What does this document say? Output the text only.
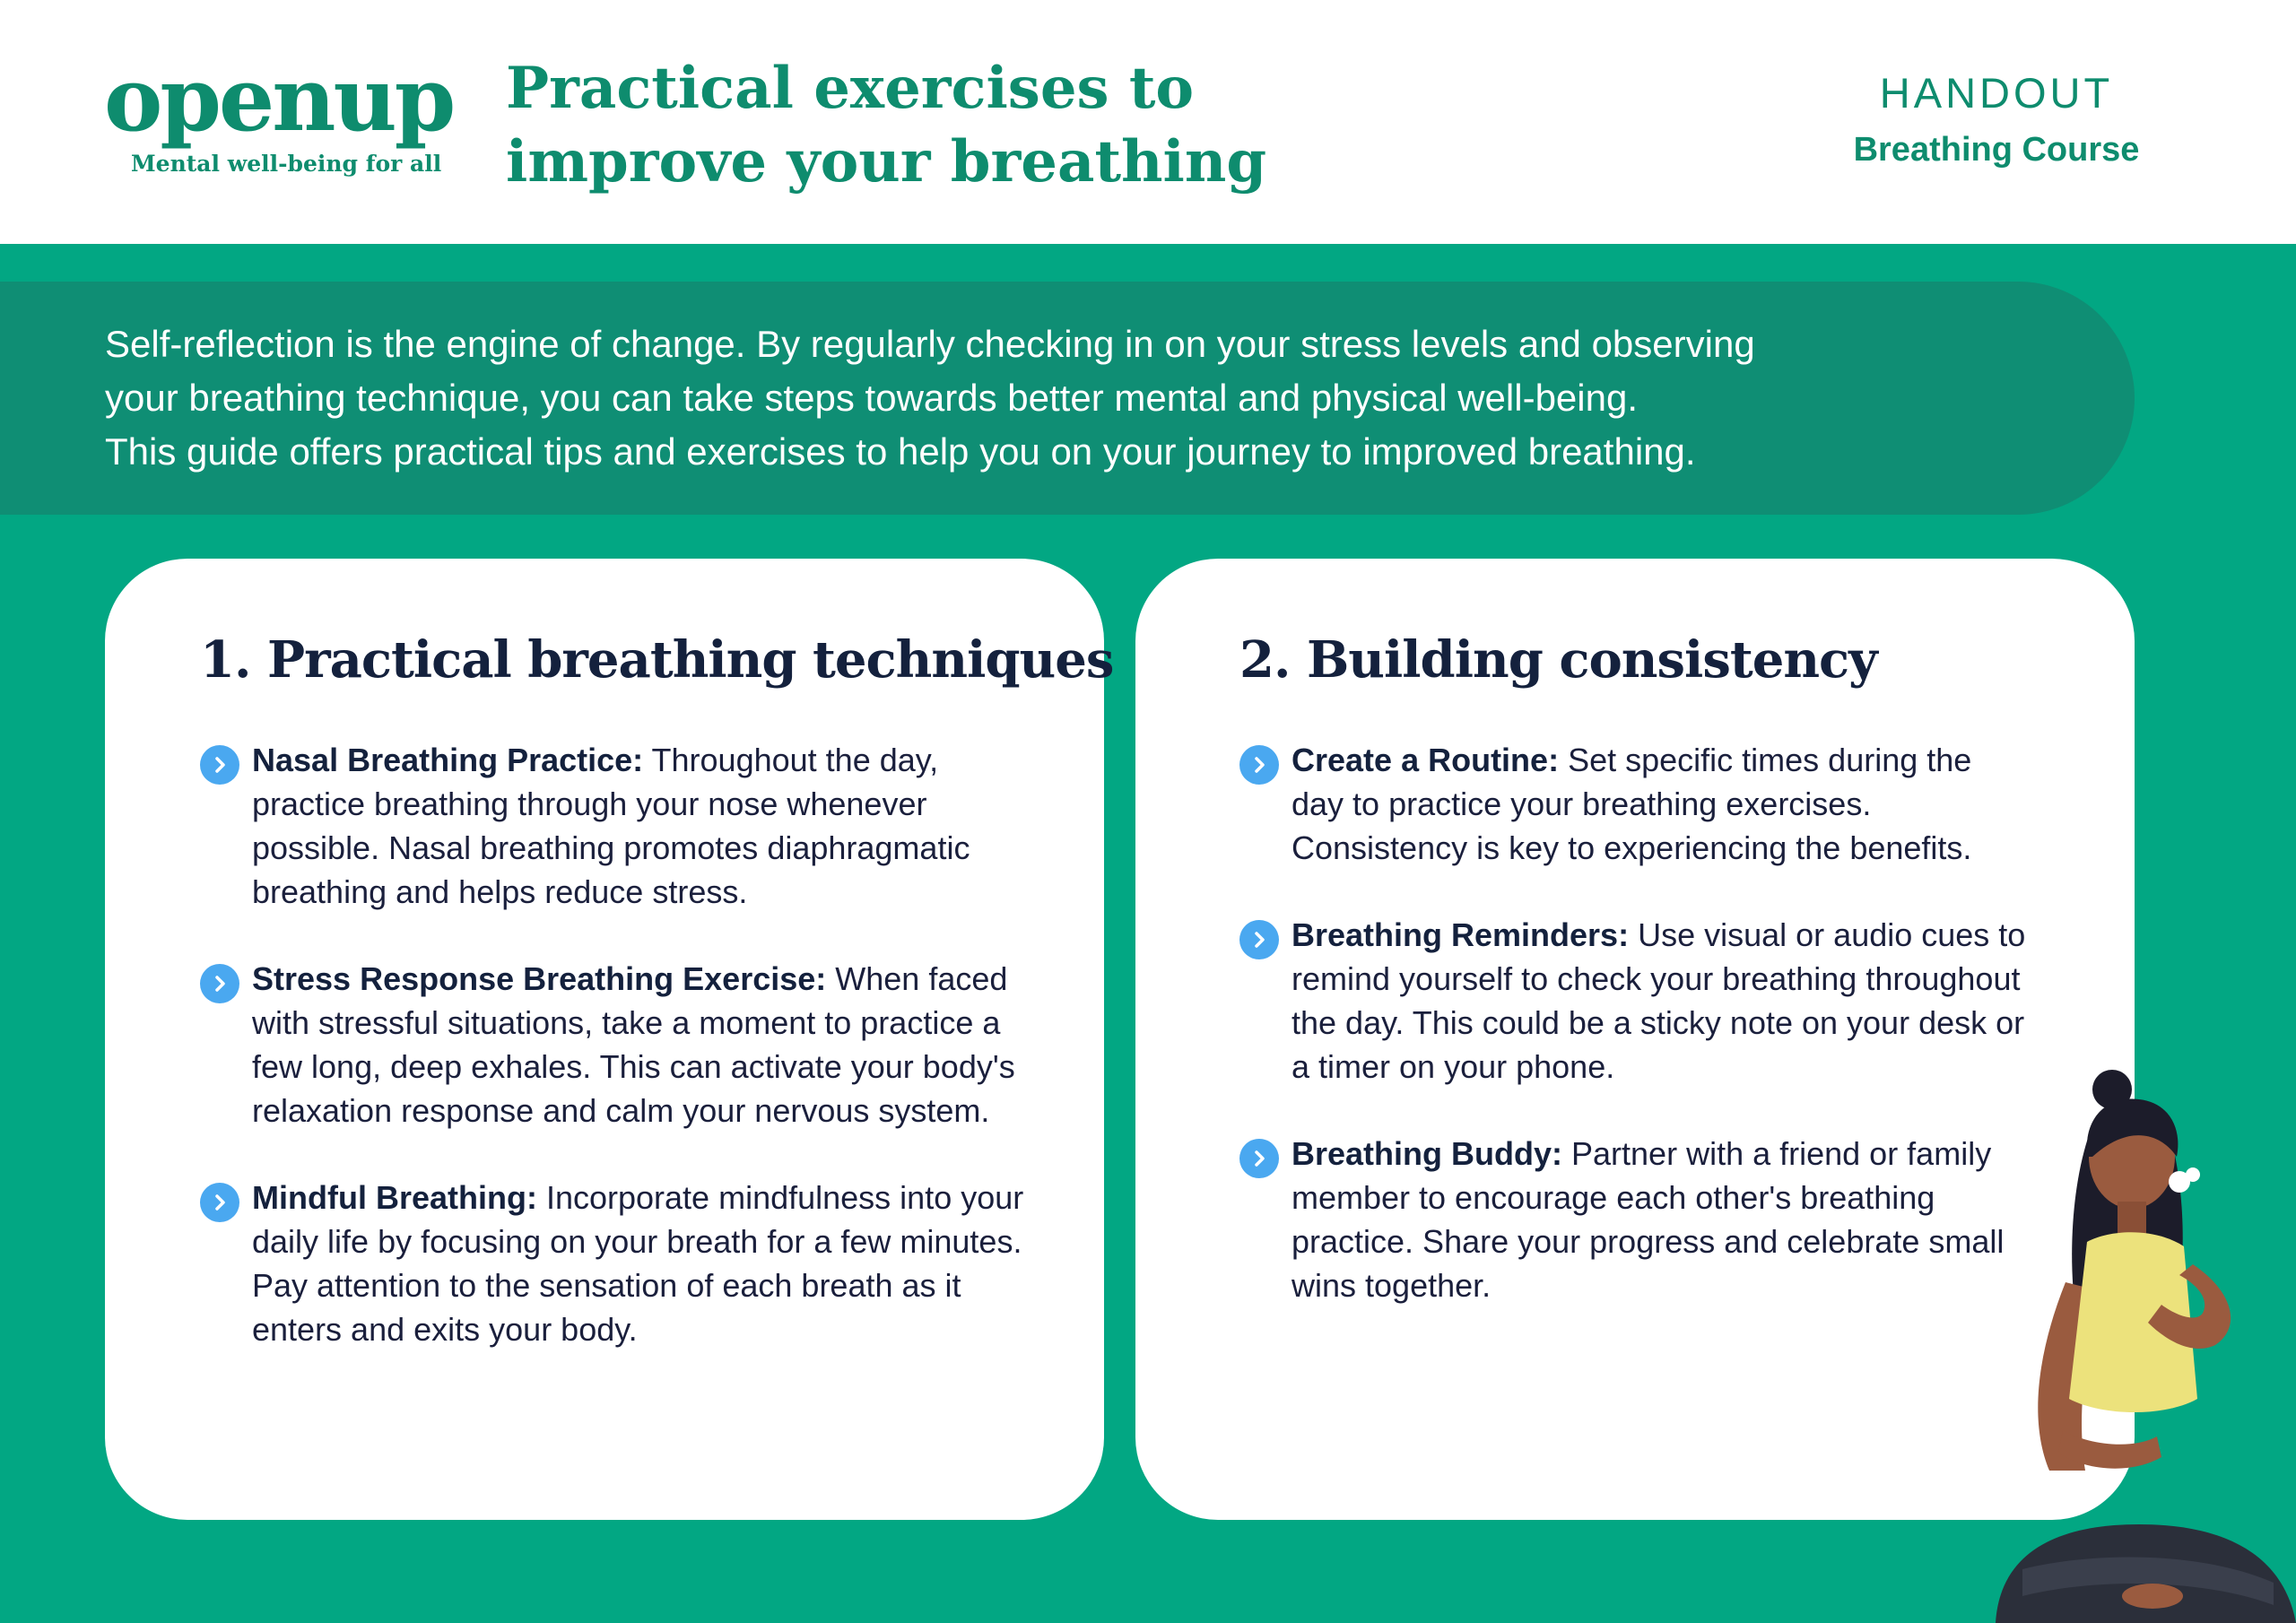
openup
Mental well-being for all
Practical exercises to
improve your breathing
HANDOUT
Breathing Course
Self-reflection is the engine of change. By regularly checking in on your stress levels and observing
your breathing technique, you can take steps towards better mental and physical well-being.
This guide offers practical tips and exercises to help you on your journey to improved breathing.
1. Practical breathing techniques
Nasal Breathing Practice: Throughout the day, practice breathing through your nose whenever possible. Nasal breathing promotes diaphragmatic breathing and helps reduce stress.
Stress Response Breathing Exercise: When faced with stressful situations, take a moment to practice a few long, deep exhales. This can activate your body's relaxation response and calm your nervous system.
Mindful Breathing: Incorporate mindfulness into your daily life by focusing on your breath for a few minutes. Pay attention to the sensation of each breath as it enters and exits your body.
2. Building consistency
Create a Routine: Set specific times during the day to practice your breathing exercises. Consistency is key to experiencing the benefits.
Breathing Reminders: Use visual or audio cues to remind yourself to check your breathing throughout the day. This could be a sticky note on your desk or a timer on your phone.
Breathing Buddy: Partner with a friend or family member to encourage each other's breathing practice. Share your progress and celebrate small wins together.
